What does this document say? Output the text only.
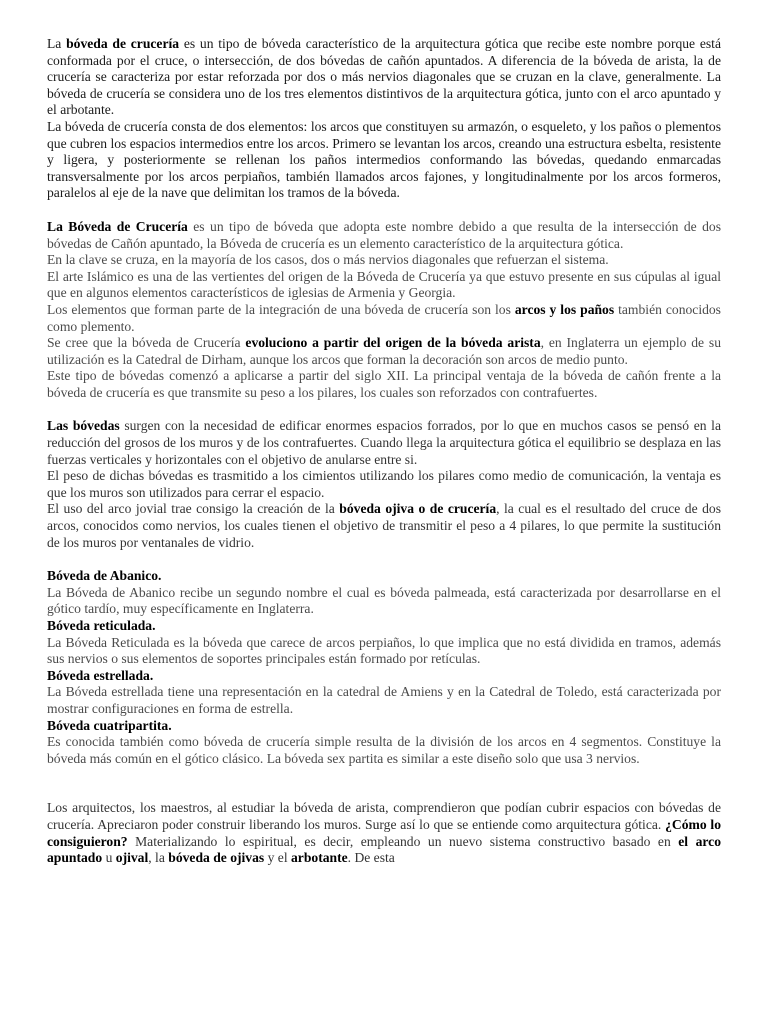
La bóveda de crucería es un tipo de bóveda característico de la arquitectura gótica que recibe este nombre porque está conformada por el cruce, o intersección, de dos bóvedas de cañón apuntados. A diferencia de la bóveda de arista, la de crucería se caracteriza por estar reforzada por dos o más nervios diagonales que se cruzan en la clave, generalmente. La bóveda de crucería se considera uno de los tres elementos distintivos de la arquitectura gótica, junto con el arco apuntado y el arbotante.

La bóveda de crucería consta de dos elementos: los arcos que constituyen su armazón, o esqueleto, y los paños o plementos que cubren los espacios intermedios entre los arcos. Primero se levantan los arcos, creando una estructura esbelta, resistente y ligera, y posteriormente se rellenan los paños intermedios conformando las bóvedas, quedando enmarcadas transversalmente por los arcos perpiaños, también llamados arcos fajones, y longitudinalmente por los arcos formeros, paralelos al eje de la nave que delimitan los tramos de la bóveda.

La Bóveda de Crucería es un tipo de bóveda que adopta este nombre debido a que resulta de la intersección de dos bóvedas de Cañón apuntado, la Bóveda de crucería es un elemento característico de la arquitectura gótica.

En la clave se cruza, en la mayoría de los casos, dos o más nervios diagonales que refuerzan el sistema.

El arte Islámico es una de las vertientes del origen de la Bóveda de Crucería ya que estuvo presente en sus cúpulas al igual que en algunos elementos característicos de iglesias de Armenia y Georgia.

Los elementos que forman parte de la integración de una bóveda de crucería son los arcos y los paños también conocidos como plemento.

Se cree que la bóveda de Crucería evoluciono a partir del origen de la bóveda arista, en Inglaterra un ejemplo de su utilización es la Catedral de Dirham, aunque los arcos que forman la decoración son arcos de medio punto.

Este tipo de bóvedas comenzó a aplicarse a partir del siglo XII. La principal ventaja de la bóveda de cañón frente a la bóveda de crucería es que transmite su peso a los pilares, los cuales son reforzados con contrafuertes.

Las bóvedas surgen con la necesidad de edificar enormes espacios forrados, por lo que en muchos casos se pensó en la reducción del grosos de los muros y de los contrafuertes. Cuando llega la arquitectura gótica el equilibrio se desplaza en las fuerzas verticales y horizontales con el objetivo de anularse entre si.

El peso de dichas bóvedas es trasmitido a los cimientos utilizando los pilares como medio de comunicación, la ventaja es que los muros son utilizados para cerrar el espacio.

El uso del arco jovial trae consigo la creación de la bóveda ojiva o de crucería, la cual es el resultado del cruce de dos arcos, conocidos como nervios, los cuales tienen el objetivo de transmitir el peso a 4 pilares, lo que permite la sustitución de los muros por ventanales de vidrio.

Bóveda de Abanico.

La Bóveda de Abanico recibe un segundo nombre el cual es bóveda palmeada, está caracterizada por desarrollarse en el gótico tardío, muy específicamente en Inglaterra.

Bóveda reticulada.

La Bóveda Reticulada es la bóveda que carece de arcos perpiaños, lo que implica que no está dividida en tramos, además sus nervios o sus elementos de soportes principales están formado por retículas.

Bóveda estrellada.

La Bóveda estrellada tiene una representación en la catedral de Amiens y en la Catedral de Toledo, está caracterizada por mostrar configuraciones en forma de estrella.

Bóveda cuatripartita.

Es conocida también como bóveda de crucería simple resulta de la división de los arcos en 4 segmentos. Constituye la bóveda más común en el gótico clásico. La bóveda sex partita es similar a este diseño solo que usa 3 nervios.

Los arquitectos, los maestros, al estudiar la bóveda de arista, comprendieron que podían cubrir espacios con bóvedas de crucería. Apreciaron poder construir liberando los muros. Surge así lo que se entiende como arquitectura gótica. ¿Cómo lo consiguieron? Materializando lo espiritual, es decir, empleando un nuevo sistema constructivo basado en el arco apuntado u ojival, la bóveda de ojivas y el arbotante. De esta
